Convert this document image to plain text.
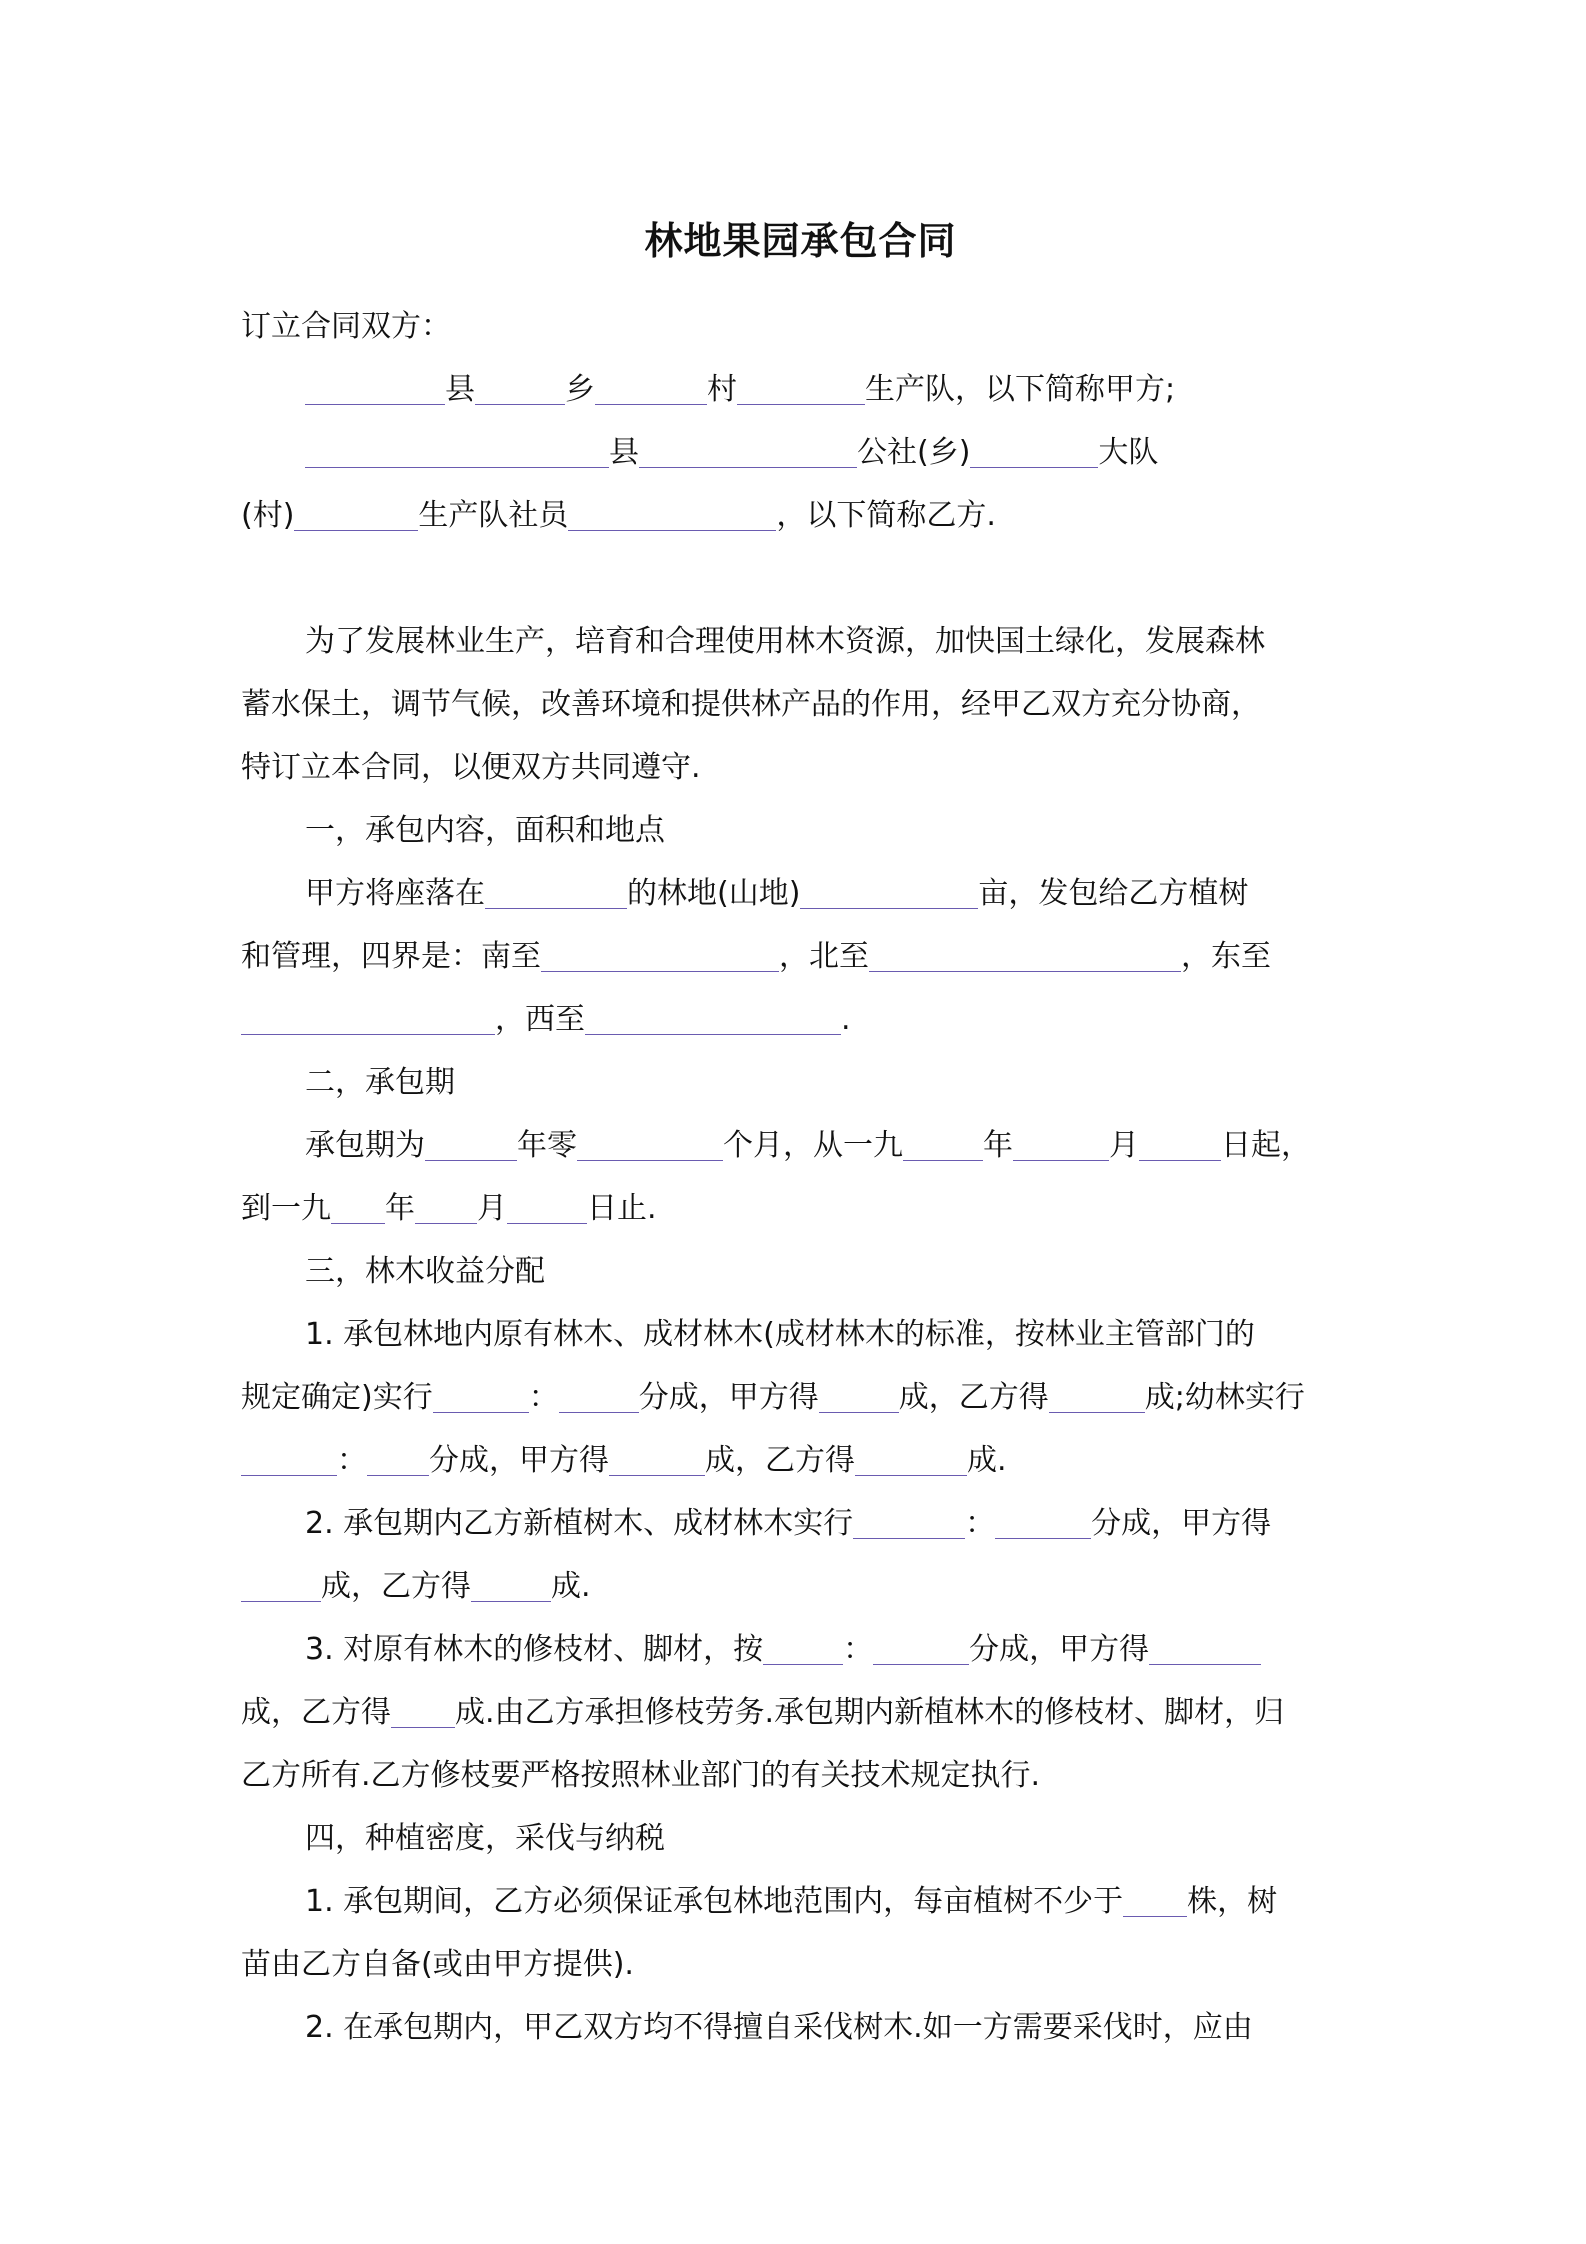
林地果园承包合同
订立合同双方：
县	乡	村	生产队，以下简称甲方;
县	公社(乡)	大队
(村)	生产队社员	，以下简称乙方.
为了发展林业生产，培育和合理使用林木资源，加快国土绿化，发展森林
蓄水保土，调节气候，改善环境和提供林产品的作用，经甲乙双方充分协商，
特订立本合同，以便双方共同遵守.
一，承包内容，面积和地点
甲方将座落在	的林地(山地)	亩，发包给乙方植树
和管理，四界是：南至	，北至	，东至
，西至	.
二，承包期
承包期为	年零	个月，从一九	年	月	日起，
到一九 年 月	日止.
三，林木收益分配
1. 承包林地内原有林木、成材林木(成材林木的标准，按林业主管部门的
规定确定)实行	：	分成，甲方得	成，乙方得	成;幼林实行
： 分成，甲方得	成，乙方得	成.
2. 承包期内乙方新植树木、成材林木实行	：	分成，甲方得
成，乙方得	成.
3. 对原有林木的修枝材、脚材，按	：	分成，甲方得
成，乙方得 成.由乙方承担修枝劳务.承包期内新植林木的修枝材、脚材，归
乙方所有.乙方修枝要严格按照林业部门的有关技术规定执行.
四，种植密度，采伐与纳税
1. 承包期间，乙方必须保证承包林地范围内，每亩植树不少于 株，树
苗由乙方自备(或由甲方提供).
2. 在承包期内，甲乙双方均不得擅自采伐树木.如一方需要采伐时，应由
